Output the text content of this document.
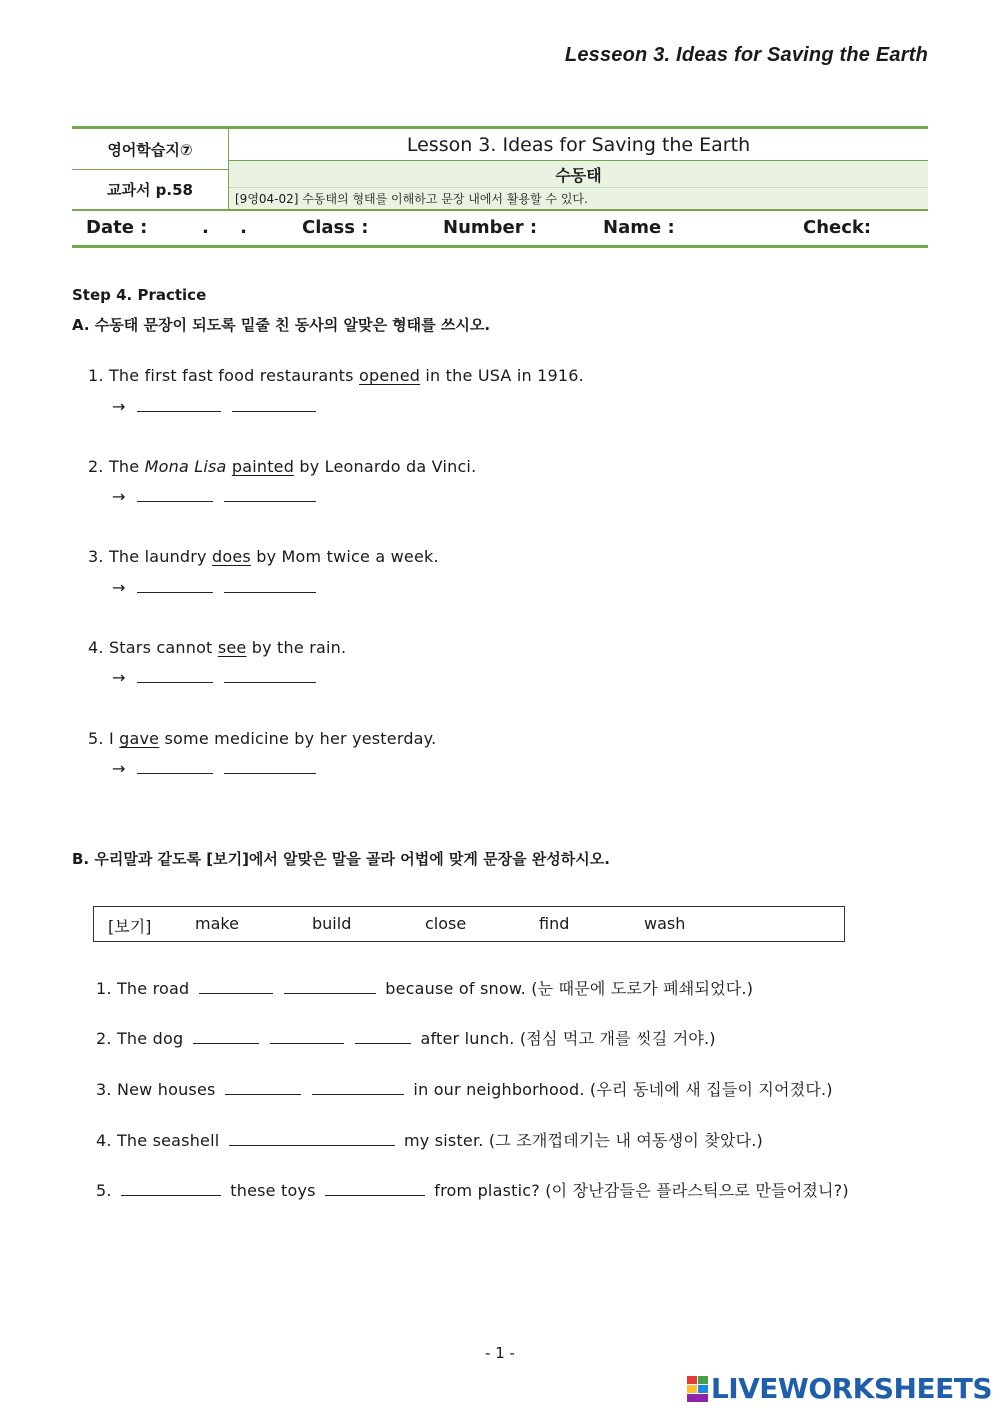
Lesseon 3. Ideas for Saving the Earth
영어학습지⑦
교과서 p.58
Lesson 3. Ideas for Saving the Earth
수동태
[9영04-02] 수동태의 형태를 이해하고 문장 내에서 활용할 수 있다.
Date :	.     .	Class :	Number :	Name :	Check:
Step 4. Practice
A. 수동태 문장이 되도록 밑줄 친 동사의 알맞은 형태를 쓰시오.
1. The first fast food restaurants opened in the USA in 1916.
→
2. The Mona Lisa painted by Leonardo da Vinci.
→
3. The laundry does by Mom twice a week.
→
4. Stars cannot see by the rain.
→
5. I gave some medicine by her yesterday.
→
B. 우리말과 같도록 [보기]에서 알맞은 말을 골라 어법에 맞게 문장을 완성하시오.
[보기]	make	build	close	find	wash
1. The road	because of snow. (눈 때문에 도로가 폐쇄되었다.)
2. The dog	after lunch. (점심 먹고 개를 씻길 거야.)
3. New houses	in our neighborhood. (우리 동네에 새 집들이 지어졌다.)
4. The seashell	my sister. (그 조개껍데기는 내 여동생이 찾았다.)
5.	these toys	from plastic? (이 장난감들은 플라스틱으로 만들어졌니?)
- 1 -
LIVEWORKSHEETS
